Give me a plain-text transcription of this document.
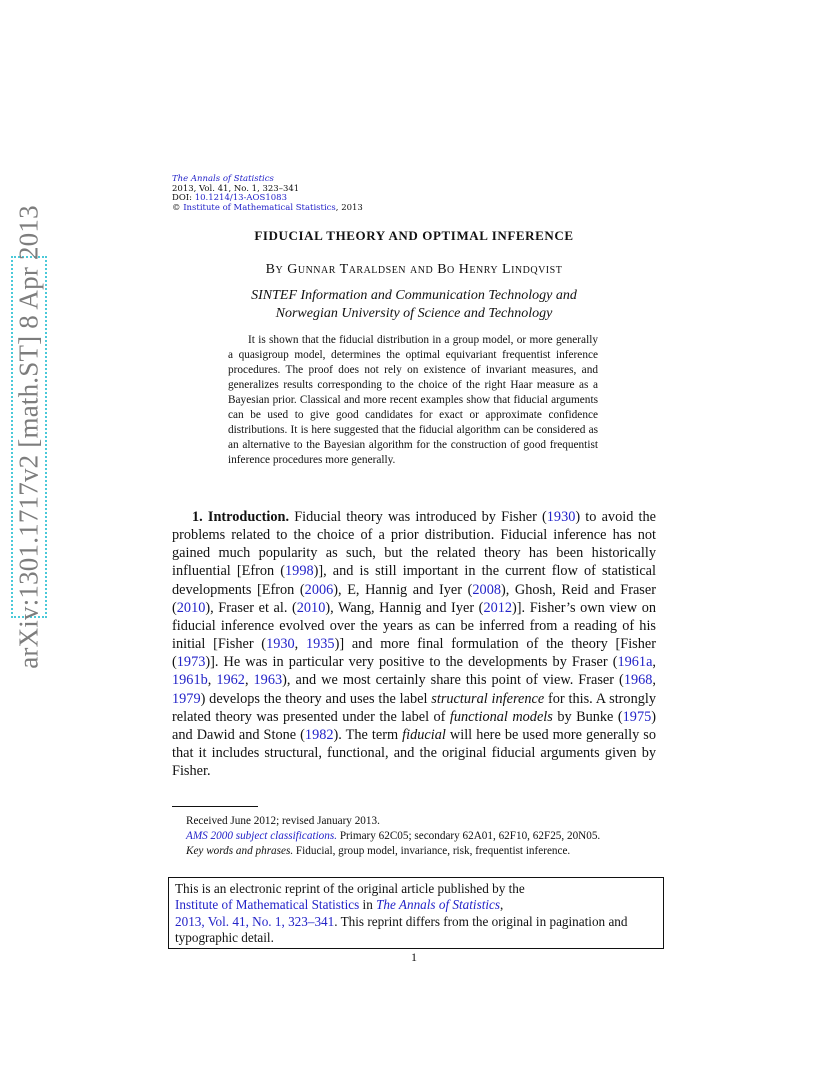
arXiv:1301.1717v2 [math.ST] 8 Apr 2013
The Annals of Statistics
2013, Vol. 41, No. 1, 323–341
DOI: 10.1214/13-AOS1083
© Institute of Mathematical Statistics, 2013
FIDUCIAL THEORY AND OPTIMAL INFERENCE
By Gunnar Taraldsen and Bo Henry Lindqvist
SINTEF Information and Communication Technology and
Norwegian University of Science and Technology
It is shown that the fiducial distribution in a group model, or more generally a quasigroup model, determines the optimal equivariant frequentist inference procedures. The proof does not rely on existence of invariant measures, and generalizes results corresponding to the choice of the right Haar measure as a Bayesian prior. Classical and more recent examples show that fiducial arguments can be used to give good candidates for exact or approximate confidence distributions. It is here suggested that the fiducial algorithm can be considered as an alternative to the Bayesian algorithm for the construction of good frequentist inference procedures more generally.
1. Introduction. Fiducial theory was introduced by Fisher (1930) to avoid the problems related to the choice of a prior distribution. Fiducial inference has not gained much popularity as such, but the related theory has been historically influential [Efron (1998)], and is still important in the current flow of statistical developments [Efron (2006), E, Hannig and Iyer (2008), Ghosh, Reid and Fraser (2010), Fraser et al. (2010), Wang, Hannig and Iyer (2012)]. Fisher’s own view on fiducial inference evolved over the years as can be inferred from a reading of his initial [Fisher (1930, 1935)] and more final formulation of the theory [Fisher (1973)]. He was in particular very positive to the developments by Fraser (1961a, 1961b, 1962, 1963), and we most certainly share this point of view. Fraser (1968, 1979) develops the theory and uses the label structural inference for this. A strongly related theory was presented under the label of functional models by Bunke (1975) and Dawid and Stone (1982). The term fiducial will here be used more generally so that it includes structural, functional, and the original fiducial arguments given by Fisher.

Received June 2012; revised January 2013.

AMS 2000 subject classifications. Primary 62C05; secondary 62A01, 62F10, 62F25, 20N05.

Key words and phrases. Fiducial, group model, invariance, risk, frequentist inference.

This is an electronic reprint of the original article published by the
Institute of Mathematical Statistics in The Annals of Statistics,
2013, Vol. 41, No. 1, 323–341. This reprint differs from the original in pagination and typographic detail.
1
